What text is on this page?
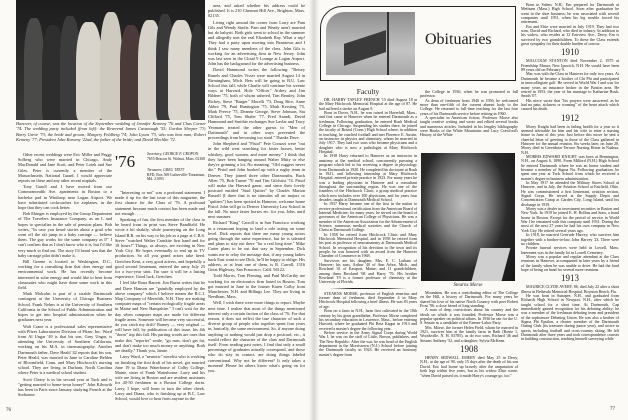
Hanover, of course, was the location of the September wedding of Jennifer Kemeny '76 and Chas Corner '74. The wedding party included (from left): the Reverend James Cavanaugh '55; Gordon Sleeper '73; Barry Greve '73; the bride and groom; Margery Feldberg '74; John Lyons '73, who was best man; Robert Kemeny '77; President John Kemeny '22ad, the father of the bride; and David Mechlin '72.

Other recent weddings were Eric Miller and Peggy Solberg who were married in Chicago, Andy MacDonald and Jane Scott, and Peter Lotek and Sue Giles. Peter is currently a member of the Massachusetts National Guard. I would appreciate reports on these and any other recent nuptials.

Tony Garoll and I have moved from our Commonwealth Ave. apartments in Boston to a bachelor pad in Winthrop near Logan Airport. We have substituted cockroaches for airplanes, in the hope that they can cook better.

Bob Ebinger is employed by the Group Department of The Travelers Insurance Company, as an L and hopes to specialize in the sale of pension plans. Bob writes, "In case you heard stories about a grad who went off the ski jump in a baby carriage — believe them. The guy works for the same company as I!" I can't confirm that as I don't know who it is, but I'd like very much to find out. The story I'd heard was that the baby carriage pilot didn't make it.

Bill Greene is located in Washington, D.C., working for a consulting firm that does energy and environmental work. He has recently become interested in solar energy and would like to hear from classmates who might have done some work in this field.

Mark Malcolm is part of a sizable Dartmouth contingent at the University of Chicago Business School. Frank Nelms is at the University of Southern California in the School of Public Administration and hopes to get into hospital administration when he graduates next year.

Walt Crane is a professional sales representative with Pfizer Laboratories Division of Pfizer, Inc. Word from Al Ungar '49 is that his son, Gary Ungar, is attending the University of Southern California, working on his M.A. in cinematography. Another Dartmouth father, Dave Heald '42 reports that his son, Peter Heald, was married in June to Caroline Belden of Bloomfield, Conn. and Mary Hitchcock's nursing school. They are living in Durham, North Carolina where Peter is a medical school student.

Scott Cleary is in his second year at Tuck and is "getting married to home-town honey!" John Kilworth has been in Paris since January studying French at the Sorbonne.

'76	Secretary, GEORGE F. CROPON
7655 Beacon St. Walnut, Mass. 02168
Treasurer, GREG TRITT
RFD, Box 569 Lutherville-Timonium, Md. 21093

"Interesting or not" was a profound statement. I made it up for the last issue of this magazine, the first chance for the Class of '76. A profound statement because much contact has been made and not enough . . . .

Speaking of fun, the first member of the class to be heard from in print was Steve Bandfield. He wrote a bit shakily, while journeying on the Long Island R.R. on his way to his job as a page at C.B.S. Steve "watched Walter Cronkite first hand and for 18 hours!" Things, as always, are exciting in New York City. He hopes eventually to end up in TV production. So all you grand actors take heed. Gretchen Kent, a very good actress, and hopefully a good second lieutenant, entered the army July 25 for a two-year stint. I'm sure it will be a lasting experience. Good luck, Gretchen.

I feel like Rona Barrett. Jim Burns writes that he and Dave Hanson are "gainfully employed by the above company" which I believe means the B.C.I. Map Company of Meredith, N.H. They are making computer maps of "certain ecologically fragile areas in Maine and New Hampshire." I can't wait for the day when computer maps are made for different fragile areas. Someone will become very successful, do you catch my drift? Barney — very original — will have fall, by publication of this issue, his 4th "dorm" trip this fall. His parting words are ones that make this "reporter" smile, "go nuts, don't get fat, and don't make too much money or anything. Both are deadly." Thank you, Jamie.

Larry Ward, a "neurotic" novelist who is working on finishing the first draft of his novel, got married June 19 to Diana Waterhouse of Colby College, Maine, sister of Frank Waterhouse. Larry and his wife are living in Boston and are resident assistants for 40-50 freshmen in a Boston College dorm. Larry, I hope, will learn to turn the other cheek. Larry and Diana, who is finishing up at B.C. Law School, would love to hear from anyone in the

area, and asked whether his address could be published. It is 210 Chestnut Hill Ave., Brighton, Mass. 02135.

Living right around the corner from Larry are Pam Gils and Wendy Simlis. Pam and Wendy aren't married but do babysit. Both girls went to school in the summer and allegedly met the real Elizabeth Ray. What a trip! They had a party upon moving into Beantown and I think I saw many members of the class. John Gils is working for an advertising firm in New Jersey. John was last seen in the Cloud 9 Lounge at Logan Airport. John has the background for the advertising business.

David Hammond writes the following: "Betsey Runels and Charles Visser were married August 14 in Birmingham, Mich. Bets will be going to B.U. Law School this fall, while Charlie will continue his weenie ways at Harvard. Hole "Officer" Ardrey and Jim Bildner '75, both of whom ushered, Tim Beasley, John Richey, Steve "Burger" Morelli '73, Doug Rice, Anne Abbot '79, Paul Huntington '75, Mark Kersting '75, Mark Preece '75, Deanne George, Steve Johnson, Stu Clifford '75, Tom Shafer '77, Fred Arandt, David Hammond and Smithie exchanges Sue Lavlar and Tracy Yeomans treated the other guests to "Men of Dartmouth" and in other ways prevented the proceedings from becoming too staid." Thanks Dave.

John Shepherd and "Pistol" Pete Coruzzi were "out in the wild west searching for faster horses, better whiskey, good women, and more money." I think that they have been hanging around Walter Mitty or else they're grinning a lot. No meaning. "Old ruggers never die." Pistol and John hooked up with a rugby team in Denver. They joined three other Dartmouths, Buck Allen '75, Bob Turner '70 and Tim Gilchrist '74. Pistol will make the Harvard game, and since their lovely postcard entitled "Stud Quitter" by Charles Marion Russell (I three that is no stimulus all art majors or "quitters") has been spotted in Hanover, welcome home Pistol. John will go to Denver University Law School in the fall. No more faster horses etc. for you, John, until next summer.

Richard "King" Carroll is in San Francisco working in a restaurant hoping to land a role acting on some level. Dick reports that there are many young actors going through the same experience, but he is talented and plans to stay out there "for a real long time." Mike Carter plans to be out that way in September. Dick wants me to relay the message that, if any young ladies back East want to see Dick, he'll be happy to oblige. His address, or at least one of them, is R. Carroll, 1316 Great Highway, San Francisco, Calif. 94122.

Todd Morris, Tom Fleming, and Paul McCarthy are working for an electronics firm based in Boston. Tom got married in June to the former Karen Colby from Manchester, N.H. and Billings Lee. They are living in Needham, Mass.

Well, I wish there were more things to report. Maybe next time. I realize that most of the things mentioned interest only a certain faction of the class of '76. For that reason, it does not reflect the true character of such a diverse group of people who together spent four years in, basically, the same environment. So, if anyone doing anything or nothing would just drop a postcard, etc., it would reflect the character of the class and Dartmouth itself. From reading past notes, I find that only a small percentage of graduates actually correspond, and those who do stay in contact, are doing things labeled conventional. Why not be different? It only takes a moment! Please let others know what's going on for you.

76
Obituaries
Faculty

DR. HARRY TAPLEY FRENCH '15 died August 18 at the Mary Hitchcock Memorial Hospital at the age of 87. He had suffered a stroke on August 9.

Born in Dover, N.H., he was raised in Haverhill, Mass., and first came to Hanover when he entered Dartmouth as a freshman. Following graduation, he entered Rush Medical College in Chicago. Suspending his studies there, he joined the faculty of Bristol (Conn.) High School where, in addition to teaching, he coached football and met Florence E. Austin, an instructor in physics and chemistry, whom he married in July 1917. They had two sons who became physicians and a daughter who is now a pathologist at Mary Hitchcock Hospital.

In 1918 Harry returned to Hanover as an instructor in anatomy at the medical school, concurrently pursuing a program which led to his receiving a degree in physiology from Dartmouth in 1920. He completed his doctorate at Rush in 1921, and following internship at Mary Hitchcock Hospital, entered private practice in 1923. For many years he was a leading physician in Hanover and a consultant throughout the surrounding region. He was one of the founders of the Hitchcock Clinic, a group medical practice which now includes over 100 physicians, and for years four decades, taught at Dartmouth Medical School.

In 1937 Harry became one of the first in the nation to receive professional certification from the American Board of Internal Medicine; for many years, he served on the board of governors of the American College of Physicians. He was a member of the American Association for the Advancement of Science, numerous medical societies and the Church of Christ at Dartmouth College.

In 1958 he retired from Hitchcock Clinic and Mary Hitchcock Memorial Hospital, and in 1958 he retired from his post as professor of neuroanatomy at Dartmouth Medical School. In recognition of his devotion to the town and its people, he was honored with an award from the Hanover Chamber of Commerce in 1968.

Survivors are his daughter, Mrs. E. C. Latham of Hanover; his sons, Arthur '40 of Ann Arbor, Mich., and Rowland '41 of Eastport, Maine; and 11 grandchildren, among them Rowland '68 and Harry '76. His brother Rowland '19 is a former professor of chemistry at the University of Florida.

STEARNS MORSE, professor of English emeritus and former dean of freshmen, died September 4 in Mary Hitchcock Hospital following a brief illness. He was 83 years of age.

Born on a farm in N.H., farm first cultivated in the 18th century by his great grandfather, Professor Morse completed his secondary education in Lawrence, Mass., before entering Harvard, where he graduated Phi Beta Kappa in 1913 and received a master's degree the following year.

Before service in the Army Signal Corps during World War I, he was on the staff of Little, Brown, publishers, and The New Republic. After the war, he was head of the English department in the Morristown (N.J.) School before joining the Dartmouth faculty in 1923. He received an honorary master's degree from

the College in 1936, when he was promoted to full professor.

As dean of freshmen from 1946 to 1956, he welcomed more than one-fifth of the current alumni body to the College. He returned to full-time teaching for the last four years of his Dartmouth service before retiring in 1960.

A specialist in American fiction, Professor Morse also taught creative writing and wrote and edited several books and numerous articles. Included in his lengthy bibliography were Books of the White Mountains and Lucy Crawford's History of the White

Stearns Morse

Mountains. He was a contributing editor of The College on the Hill, a history of Dartmouth. For many years he shared his love of his native North Country with poet Robert Frost '96, a close friend of long standing.

A man of deep convictions about his country and the ideals on which it was founded, Professor Morse was a popular speaker on political affairs. In 1936 he ran for the U. S. Senate as a candidate of the Farmer-Labor Party.

Mrs. Morse, the former Helen Field, whom he married in 1921, survives him at the family farm in Bath (Route 1, Woodsville, N. H. 03785), as do two sons, Richard '46 and Stearns Anthony '52, and a daughter, Sylvia McKean.

1908

HENRY SEDWALL EMERY died May 25 in Derry, N.H., at the age of 90, only 15 days after the death of his son David. Eric had borne up bravely after the amputation of both legs within five years, but as his widow Elsie wrote, "when David passed on, it made Harry's courage go, too."

Born in Salem, N.H., Em prepared for Dartmouth at Methuen (Mass.) High School. Soon after graduation he went in the shoe business; he was associated with several companies until 1951, when his leg trouble forced his retirement.

Em and Elsie were married in July 1919. They had two sons, David and Richard, who died in infancy. In addition to his widow, who resides at 12 Fairview Ave., Derry, Em is survived by two grandchildren. To these the Class extends great sympathy for their double burden of sorrow.

1910

MALCOLM STANTON died November 2, 1975 at Friendship Manor, New Ipswich, N.H. He would have been 89 years old on February 9.

Mac was with the Class in Hanover for only two years. At Dartmouth he became a brother of Chi Phi and participated in intercollegiate golf. He served in World War I and was for many years an insurance broker in the Boston area. He retired in 1953, the year of his marriage to Katharine Rush, Smith '07.

His niece wrote that "his prayers were answered, as he had no pain, sickness or warning" of the heart attack which caused his death.

1912

Morry Knight had been in failing health for a year so it seemed advisable for him and his wife to enter a nursing home in June of this year. Just before this move he sent a cheerful letter of greeting to those of the Class gathered in Hanover for the annual reunion. Six weeks later, on June 28, Morry died in Greenbriar Terrace Nursing Home in Nashua, N.H.

MORRIS EDWARD KNIGHT was born at Bennington, N.H., on August 6, 1890. From Milford (N.H.) High School he entered Dartmouth where he was an honor student and became a member of Sigma Nu. Following graduation, he spent one year at Tuck School from which he received a master's degree in business administration.

In May 1917 he attended the Military Stores School at Hanover, and in July, the Aviation School at Fairfield, Ohio. He was commissioned a first lieutenant, aviation section, Signal Corps. He served at the Supply Depot and Concentration Camp at Garden City, Long Island, until his discharge in 1919.

Morry was a dealer in investment securities in Boston and New York. In 1919 he joined E. H. Rollins and Sons, a bond house in Boston. Except for the period of service in World War I he remained with this company until 1931. During the most of the next 27 years he had his own company in New York City. He retired several years ago.

In 1918, he married Gertrude Harvey, who survives him together with a brother-in-law, John Harvey '23. There were no children.

Private funeral services were held in Lowell, Mass. Interment was in the family lot in Lowell Cemetery.

Morry was a popular and regular attendant at the Class reunions in Hanover, accompanied in later years by a friend of the family when he was unable to drive. He had the fond hope of being on hand for several more reunions.

1913

MAURICE CLYDE AVERY, 86, died July 22 after a short illness in Bethesda Memorial Hospital, Boynton Beach, Fla.

He was born in Sunapee, N.H., and graduated from Richards High School in Newport, N.H., after which he taught school for a short time. At Dartmouth, Cap immediately gained recognition for his debating ability; he was a member of the freshman debating team and president of the sophomore Debating Union. He was also a brother of Sigma Phi Epsilon, a charter member of the Dartmouth Outing Club (its treasurer during junior year), and active in sports, including football and cross-country skiing. He left Dartmouth after three years and took correspondence courses in building construction, teaching himself surveying while

77
